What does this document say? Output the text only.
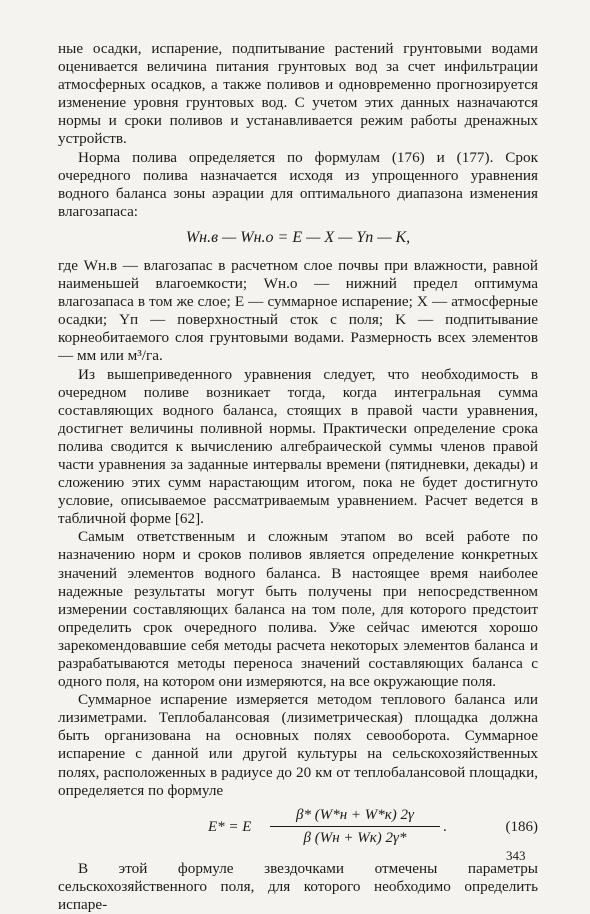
ные осадки, испарение, подпитывание растений грунтовыми водами оценивается величина питания грунтовых вод за счет инфильтрации атмосферных осадков, а также поливов и одновременно прогнозируется изменение уровня грунтовых вод. С учетом этих данных назначаются нормы и сроки поливов и устанавливается режим работы дренажных устройств.

Норма полива определяется по формулам (176) и (177). Срок очередного полива назначается исходя из упрощенного уравнения водного баланса зоны аэрации для оптимального диапазона изменения влагозапаса:

Wн.в — Wн.о = E — X — Yп — K,

где Wн.в — влагозапас в расчетном слое почвы при влажности, равной наименьшей влагоемкости; Wн.о — нижний предел оптимума влагозапаса в том же слое; E — суммарное испарение; X — атмосферные осадки; Yп — поверхностный сток с поля; K — подпитывание корнеобитаемого слоя грунтовыми водами. Размерность всех элементов — мм или м³/га.

Из вышеприведенного уравнения следует, что необходимость в очередном поливе возникает тогда, когда интегральная сумма составляющих водного баланса, стоящих в правой части уравнения, достигнет величины поливной нормы. Практически определение срока полива сводится к вычислению алгебраической суммы членов правой части уравнения за заданные интервалы времени (пятидневки, декады) и сложению этих сумм нарастающим итогом, пока не будет достигнуто условие, описываемое рассматриваемым уравнением. Расчет ведется в табличной форме [62].

Самым ответственным и сложным этапом во всей работе по назначению норм и сроков поливов является определение конкретных значений элементов водного баланса. В настоящее время наиболее надежные результаты могут быть получены при непосредственном измерении составляющих баланса на том поле, для которого предстоит определить срок очередного полива. Уже сейчас имеются хорошо зарекомендовавшие себя методы расчета некоторых элементов баланса и разрабатываются методы переноса значений составляющих баланса с одного поля, на котором они измеряются, на все окружающие поля.

Суммарное испарение измеряется методом теплового баланса или лизиметрами. Теплобалансовая (лизиметрическая) площадка должна быть организована на основных полях севооборота. Суммарное испарение с данной или другой культуры на сельскохозяйственных полях, расположенных в радиусе до 20 км от теплобалансовой площадки, определяется по формуле

E* = E
β* (W*н + W*к) 2γ
β (Wн + Wк) 2γ*
.	(186)

В этой формуле звездочками отмечены параметры сельскохозяйственного поля, для которого необходимо определить испаре-

343
